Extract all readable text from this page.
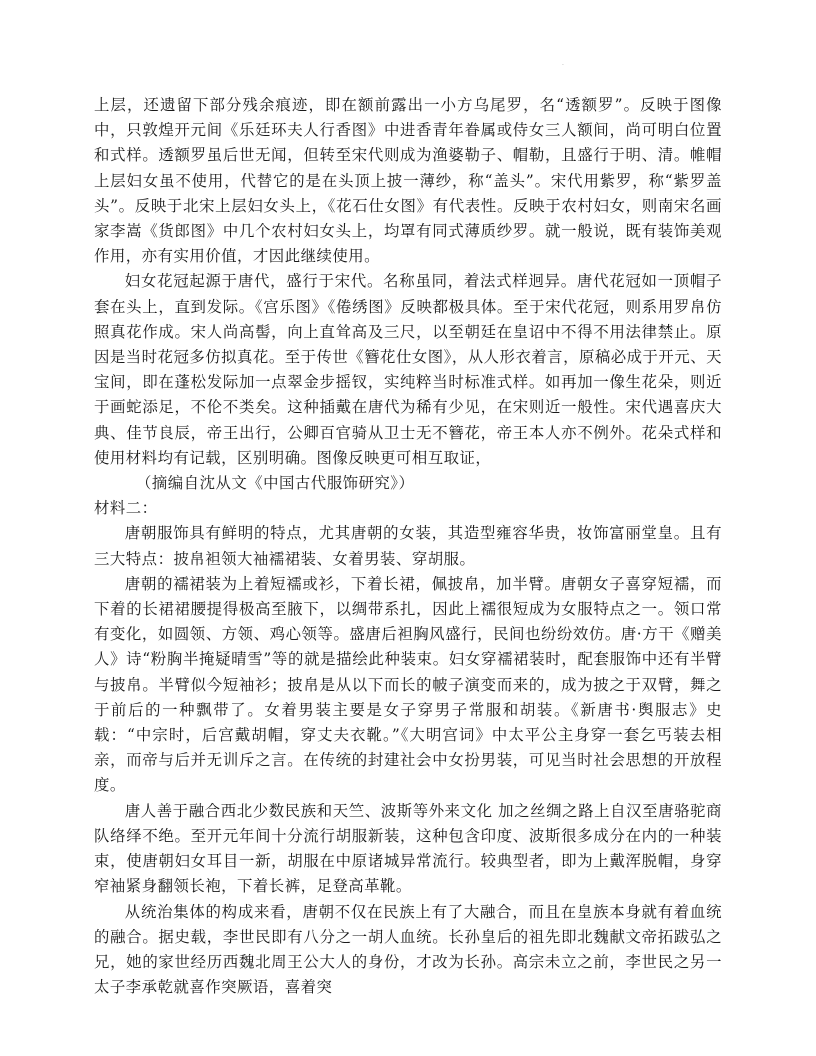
.

上层，还遗留下部分残余痕迹，即在额前露出一小方乌尾罗，名“透额罗”。反映于图像中，只敦煌开元间《乐廷环夫人行香图》中进香青年眷属或侍女三人额间，尚可明白位置和式样。透额罗虽后世无闻，但转至宋代则成为渔婆勒子、帽勒，且盛行于明、清。帷帽上层妇女虽不使用，代替它的是在头顶上披一薄纱，称“盖头”。宋代用紫罗，称“紫罗盖头”。反映于北宋上层妇女头上，《花石仕女图》有代表性。反映于农村妇女，则南宋名画家李嵩《货郎图》中几个农村妇女头上，均罩有同式薄质纱罗。就一般说，既有装饰美观作用，亦有实用价值，才因此继续使用。

妇女花冠起源于唐代，盛行于宋代。名称虽同，着法式样迥异。唐代花冠如一顶帽子套在头上，直到发际。《宫乐图》《倦绣图》反映都极具体。至于宋代花冠，则系用罗帛仿照真花作成。宋人尚高髻，向上直耸高及三尺，以至朝廷在皇诏中不得不用法律禁止。原因是当时花冠多仿拟真花。至于传世《簪花仕女图》，从人形衣着言，原稿必成于开元、天宝间，即在蓬松发际加一点翠金步摇钗，实纯粹当时标准式样。如再加一像生花朵，则近于画蛇添足，不伦不类矣。这种插戴在唐代为稀有少见，在宋则近一般性。宋代遇喜庆大典、佳节良辰，帝王出行，公卿百官骑从卫士无不簪花，帝王本人亦不例外。花朵式样和使用材料均有记载，区别明确。图像反映更可相互取证，

（摘编自沈从文《中国古代服饰研究》）

材料二：

唐朝服饰具有鲜明的特点，尤其唐朝的女装，其造型雍容华贵，妆饰富丽堂皇。且有三大特点：披帛袒领大袖襦裙装、女着男装、穿胡服。

唐朝的襦裙装为上着短襦或衫，下着长裙，佩披帛，加半臂。唐朝女子喜穿短襦，而下着的长裙裙腰提得极高至腋下，以绸带系扎，因此上襦很短成为女服特点之一。领口常有变化，如圆领、方领、鸡心领等。盛唐后袒胸风盛行，民间也纷纷效仿。唐·方干《赠美人》诗“粉胸半掩疑晴雪”等的就是描绘此种装束。妇女穿襦裙装时，配套服饰中还有半臂与披帛。半臂似今短袖衫；披帛是从以下而长的帔子演变而来的，成为披之于双臂，舞之于前后的一种飘带了。女着男装主要是女子穿男子常服和胡装。《新唐书·舆服志》史载：“中宗时，后宫戴胡帽，穿丈夫衣靴。”《大明宫词》中太平公主身穿一套乞丐装去相亲，而帝与后并无训斥之言。在传统的封建社会中女扮男装，可见当时社会思想的开放程度。

唐人善于融合西北少数民族和天竺、波斯等外来文化 加之丝绸之路上自汉至唐骆驼商队络绎不绝。至开元年间十分流行胡服新装，这种包含印度、波斯很多成分在内的一种装束，使唐朝妇女耳目一新，胡服在中原诸城异常流行。较典型者，即为上戴浑脱帽，身穿窄袖紧身翻领长袍，下着长裤，足登高革靴。

从统治集体的构成来看，唐朝不仅在民族上有了大融合，而且在皇族本身就有着血统的融合。据史载，李世民即有八分之一胡人血统。长孙皇后的祖先即北魏献文帝拓跋弘之兄，她的家世经历西魏北周王公大人的身份，才改为长孙。高宗未立之前，李世民之另一太子李承乾就喜作突厥语，喜着突
